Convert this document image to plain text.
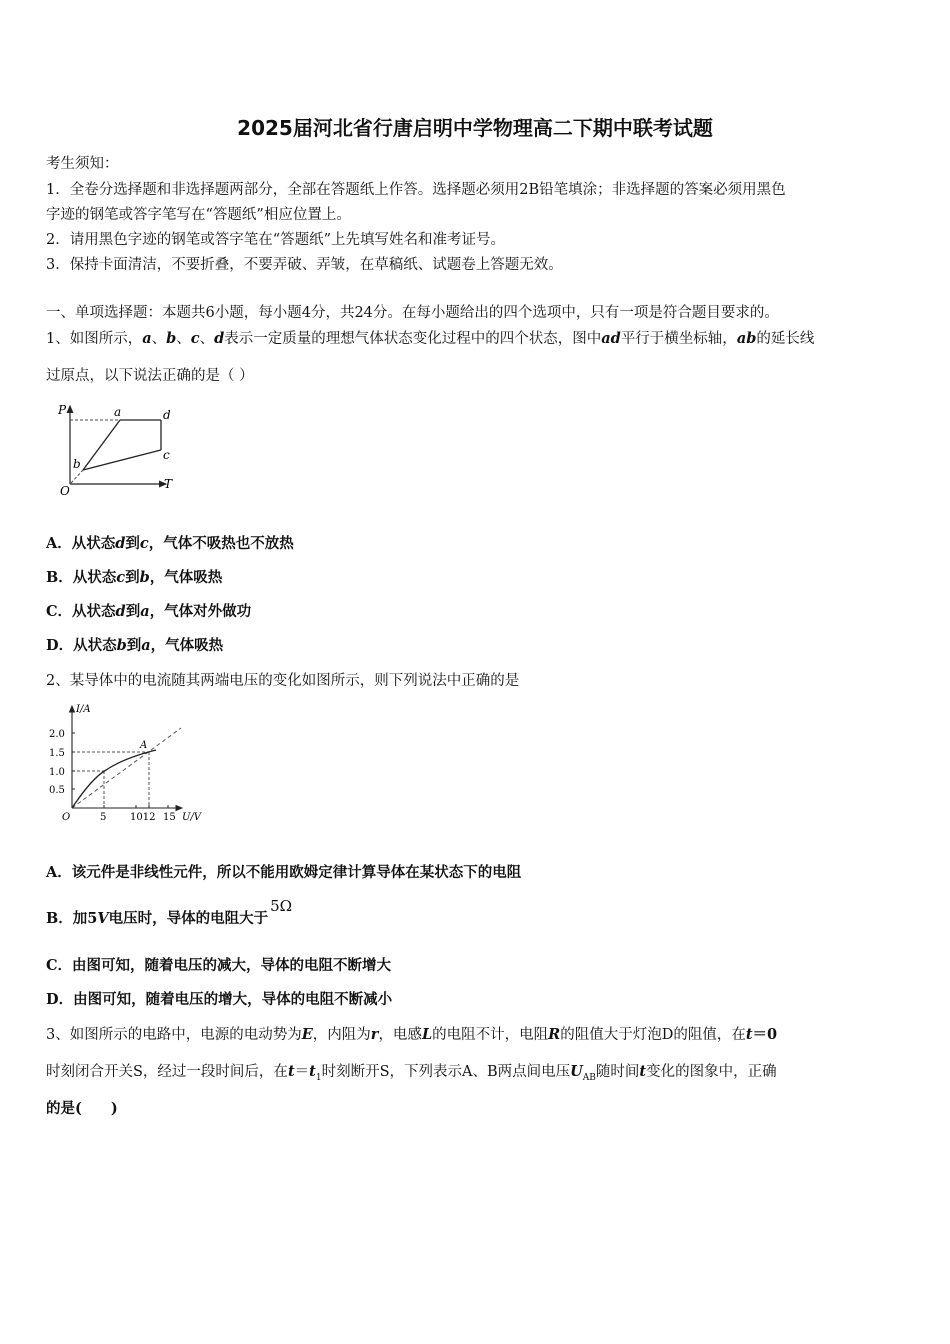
2025届河北省行唐启明中学物理高二下期中联考试题
考生须知：
1．全卷分选择题和非选择题两部分，全部在答题纸上作答。选择题必须用2B铅笔填涂；非选择题的答案必须用黑色
字迹的钢笔或答字笔写在“答题纸”相应位置上。
2．请用黑色字迹的钢笔或答字笔在“答题纸”上先填写姓名和准考证号。
3．保持卡面清洁，不要折叠，不要弄破、弄皱，在草稿纸、试题卷上答题无效。
一、单项选择题：本题共6小题，每小题4分，共24分。在每小题给出的四个选项中，只有一项是符合题目要求的。
1、如图所示，a、b、c、d表示一定质量的理想气体状态变化过程中的四个状态，图中ad平行于横坐标轴，ab的延长线
过原点，以下说法正确的是（ ）
P
T
O
a	d
c
b
A．从状态d到c，气体不吸热也不放热
B．从状态c到b，气体吸热
C．从状态d到a，气体对外做功
D．从状态b到a，气体吸热
2、某导体中的电流随其两端电压的变化如图所示，则下列说法中正确的是
I/A
U/V
O
A
2.0
1.5
1.0
0.5
5 1012 15
A．该元件是非线性元件，所以不能用欧姆定律计算导体在某状态下的电阻
B．加5V电压时，导体的电阻大于5Ω
C．由图可知，随着电压的减大，导体的电阻不断增大
D．由图可知，随着电压的增大，导体的电阻不断减小
3、如图所示的电路中，电源的电动势为E，内阻为r，电感L的电阻不计，电阻R的阻值大于灯泡D的阻值，在t＝0
时刻闭合开关S，经过一段时间后，在$t=t_1$时刻断开S，下列表示A、B两点间电压$U_{AB}$随时间t变化的图象中，正确
的是(　　)
